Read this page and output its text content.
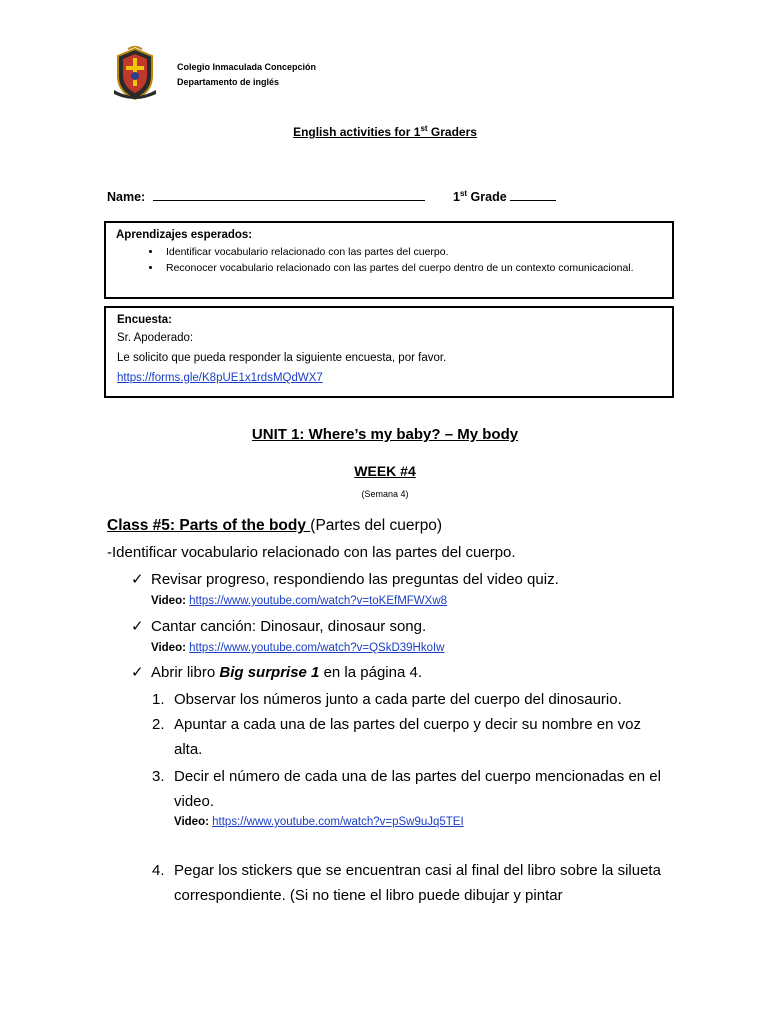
Colegio Inmaculada Concepción
Departamento de inglés
English activities for 1st Graders
Name:	1st Grade
Aprendizajes esperados:
• Identificar vocabulario relacionado con las partes del cuerpo.
• Reconocer vocabulario relacionado con las partes del cuerpo dentro de un contexto comunicacional.
Encuesta:
Sr. Apoderado:
Le solicito que pueda responder la siguiente encuesta, por favor.
https://forms.gle/K8pUE1x1rdsMQdWX7
UNIT 1: Where’s my baby? – My body
WEEK #4
(Semana 4)
Class #5: Parts of the body (Partes del cuerpo)
-Identificar vocabulario relacionado con las partes del cuerpo.
✓ Revisar progreso, respondiendo las preguntas del video quiz.
Video: https://www.youtube.com/watch?v=toKEfMFWXw8
✓ Cantar canción: Dinosaur, dinosaur song.
Video: https://www.youtube.com/watch?v=QSkD39HkoIw
✓ Abrir libro Big surprise 1 en la página 4.
1. Observar los números junto a cada parte del cuerpo del dinosaurio.
2. Apuntar a cada una de las partes del cuerpo y decir su nombre en voz alta.
3. Decir el número de cada una de las partes del cuerpo mencionadas en el video.
Video: https://www.youtube.com/watch?v=pSw9uJq5TEI
4. Pegar los stickers que se encuentran casi al final del libro sobre la silueta correspondiente. (Si no tiene el libro puede dibujar y pintar
